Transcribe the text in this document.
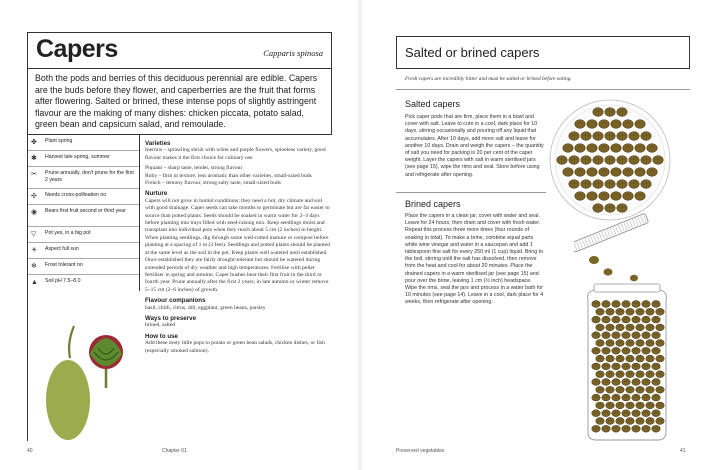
Capers	Capparis spinosa
Both the pods and berries of this deciduous perennial are edible. Capers are the buds before they flower, and caperberries are the fruit that forms after flowering. Salted or brined, these intense pops of slightly astringent flavour are the making of many dishes: chicken piccata, potato salad, green bean and capsicum salad, and remoulade.
✤	Plant spring
✱	Harvest late spring, summer
✂	Prune annually, don't prune for the first 2 years
✣	Needs cross-pollination no
◉	Bears first fruit second or third year
▽	Pot yes, in a big pot
☀	Aspect full sun
❄	Frost tolerant no
▲	Soil pH 7.5–8.0
Varieties

Inermis – sprawling shrub with white and purple flowers, spineless variety, good flavour makes it the first choice for culinary use

Piquant – sharp taste, tender, strong flavour

Ruby – firm in texture, less aromatic than other varieties, small-sized buds

French – lemony flavour, strong salty taste, small-sized buds

Nurture

Capers will not grow in humid conditions; they need a hot, dry climate and soil with good drainage. Caper seeds can take months to germinate but are far easier to source than potted plants. Seeds should be soaked in warm water for 2–3 days before planting into trays filled with seed-raising mix. Keep seedlings moist and transplant into individual pots when they reach about 5 cm (2 inches) in height. When planting seedlings, dig through some well-rotted manure or compost before planting at a spacing of 1 m (3 feet). Seedlings and potted plants should be planted at the same level as the soil in the pot. Keep plants well watered until established. Once established they are fairly drought-tolerant but should be watered during extended periods of dry weather and high temperatures. Fertilise with pellet fertiliser in spring and autumn. Caper bushes bear their first fruit in the third or fourth year. Prune annually after the first 2 years; in late autumn or winter remove 5–15 cm (2–6 inches) of growth.

Flavour companions

basil, chilli, citrus, dill, eggplant, green beans, parsley

Ways to preserve

brined, salted

How to use

Add these zesty little pops to potato or green bean salads, chicken dishes, or fish (especially smoked salmon).

40	Chapter 01
Salted or brined capers
Fresh capers are incredibly bitter and must be salted or brined before eating.
Salted capers
Pick caper pods that are firm, place them in a bowl and cover with salt. Leave to cure in a cool, dark place for 10 days, stirring occasionally and pouring off any liquid that accumulates. After 10 days, add more salt and leave for another 10 days. Drain and weigh the capers – the quantity of salt you need for packing is 20 per cent of the caper weight. Layer the capers with salt in warm sterilised jars (see page 15), wipe the rims and seal. Store before using and refrigerate after opening.
Brined capers
Place the capers in a clean jar, cover with water and seal. Leave for 24 hours, then drain and cover with fresh water. Repeat this process three more times (four rounds of soaking in total). To make a brine, combine equal parts white wine vinegar and water in a saucepan and add 1 tablespoon fine salt for every 250 ml (1 cup) liquid. Bring to the boil, stirring until the salt has dissolved, then remove from the heat and cool for about 20 minutes. Place the drained capers in a warm sterilised jar (see page 15) and pour over the brine, leaving 1 cm (½ inch) headspace. Wipe the rims, seal the jars and process in a water bath for 10 minutes (see page 14). Leave in a cool, dark place for 4 weeks, then refrigerate after opening.
Preserved vegetables	41
